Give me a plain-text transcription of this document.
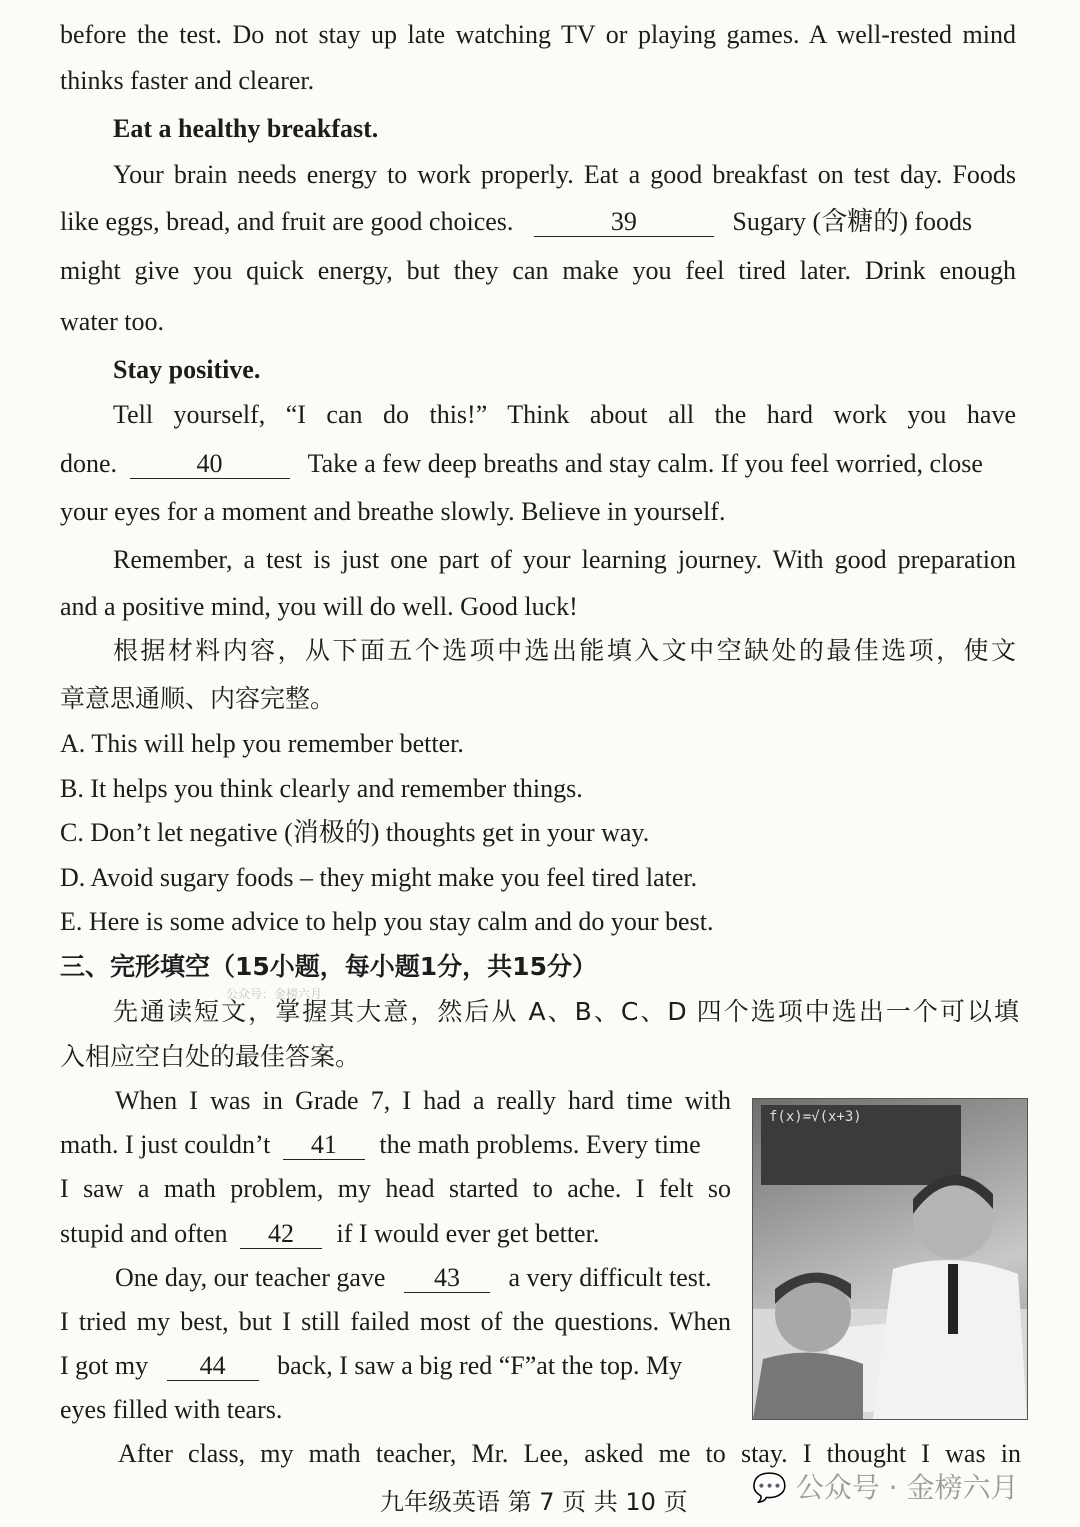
before the test. Do not stay up late watching TV or playing games. A well-rested mind
thinks faster and clearer.
Eat a healthy breakfast.
Your brain needs energy to work properly. Eat a good breakfast on test day. Foods
like eggs, bread, and fruit are good choices.	39	Sugary (含糖的) foods
might give you quick energy, but they can make you feel tired later. Drink enough
water too.
Stay positive.
Tell yourself, “I can do this!” Think about all the hard work you have
done.	40	Take a few deep breaths and stay calm. If you feel worried, close
your eyes for a moment and breathe slowly. Believe in yourself.
Remember, a test is just one part of your learning journey. With good preparation
and a positive mind, you will do well. Good luck!
根据材料内容，从下面五个选项中选出能填入文中空缺处的最佳选项，使文
章意思通顺、内容完整。
A. This will help you remember better.
B. It helps you think clearly and remember things.
C. Don’t let negative (消极的) thoughts get in your way.
D. Avoid sugary foods – they might make you feel tired later.
E. Here is some advice to help you stay calm and do your best.
公众号：金榜六月
三、完形填空（15小题，每小题1分，共15分）
先通读短文，掌握其大意，然后从 A、B、C、D 四个选项中选出一个可以填
入相应空白处的最佳答案。
When I was in Grade 7, I had a really hard time with
math. I just couldn’t 41 the math problems. Every time
I saw a math problem, my head started to ache. I felt so
stupid and often 42 if I would ever get better.
One day, our teacher gave 43 a very difficult test.
I tried my best, but I still failed most of the questions. When
I got my 44 back, I saw a big red “F”at the top. My
eyes filled with tears.
After class, my math teacher, Mr. Lee, asked me to stay. I thought I was in
f(x)=√(x+3)
💬 公众号 · 金榜六月
九年级英语 第 7 页 共 10 页
